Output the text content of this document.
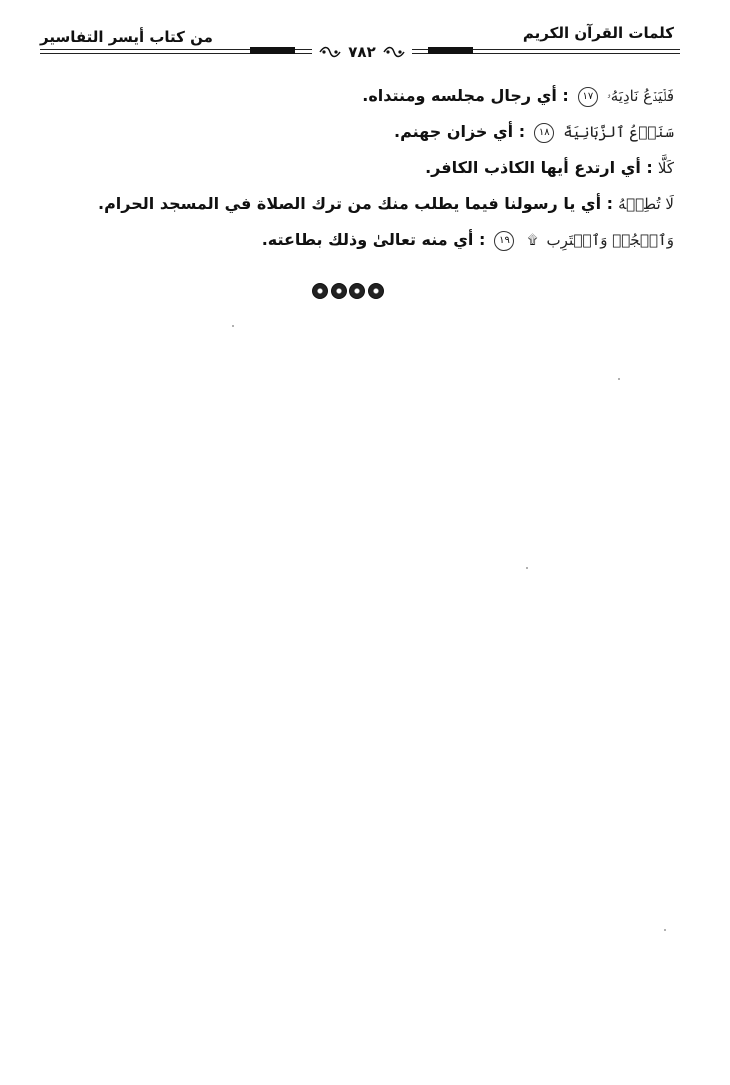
من كتاب أيسر التفاسير	كلمات القرآن الكريم
٧٨٢
فَلۡيَدۡعُ نَادِيَهُۥ ١٧ : أي رجال مجلسه ومنتداه.
سَنَدۡعُ ٱلزَّبَانِيَةَ ١٨ : أي خزان جهنم.
كَلَّا : أي ارتدع أيها الكاذب الكافر.
لَا تُطِعۡهُ : أي يا رسولنا فيما يطلب منك من ترك الصلاة في المسجد الحرام.
وَٱسۡجُدۡ وَٱقۡتَرِب ۩ ١٩ : أي منه تعالىٰ وذلك بطاعته.
